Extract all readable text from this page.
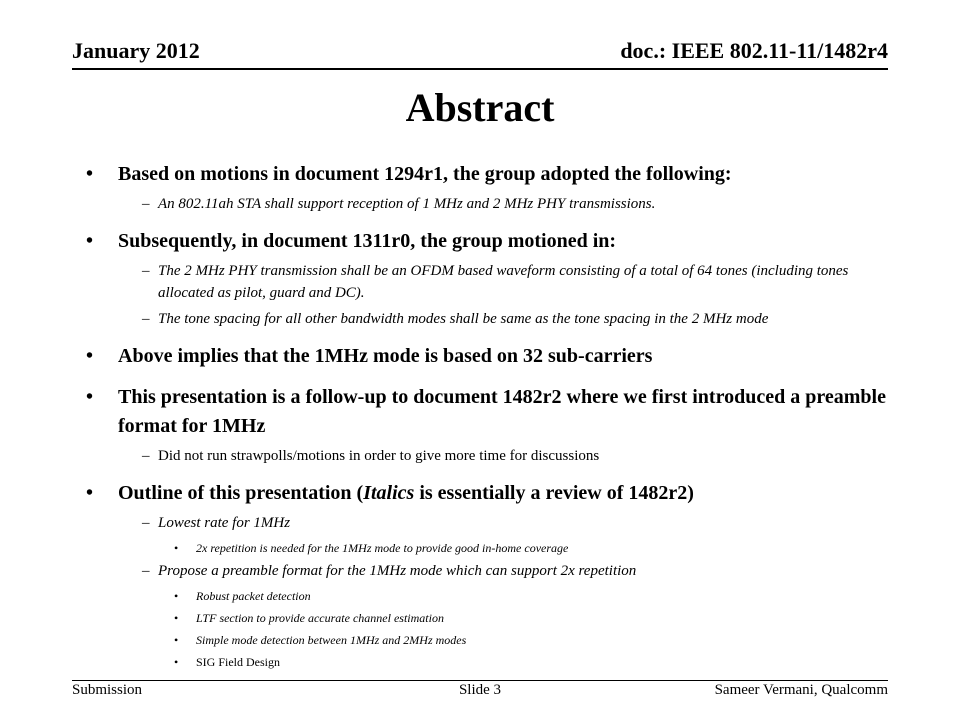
January 2012	doc.: IEEE 802.11-11/1482r4
Abstract
• Based on motions in document 1294r1, the group adopted the following:
– An 802.11ah STA shall support reception of 1 MHz and 2 MHz PHY transmissions.
• Subsequently, in document 1311r0, the group motioned in:
– The 2 MHz PHY transmission shall be an OFDM based waveform consisting of a total of 64 tones (including tones allocated as pilot, guard and DC).
– The tone spacing for all other bandwidth modes shall be same as the tone spacing in the 2 MHz mode
• Above implies that the 1MHz mode is based on 32 sub-carriers
• This presentation is a follow-up to document 1482r2 where we first introduced a preamble format for 1MHz
– Did not run strawpolls/motions in order to give more time for discussions
• Outline of this presentation (Italics is essentially a review of 1482r2)
– Lowest rate for 1MHz
• 2x repetition is needed for the 1MHz mode to provide good in-home coverage
– Propose a preamble format for the 1MHz mode which can support 2x repetition
• Robust packet detection
• LTF section to provide accurate channel estimation
• Simple mode detection between 1MHz and 2MHz modes
• SIG Field Design
Submission	Slide 3	Sameer Vermani, Qualcomm
